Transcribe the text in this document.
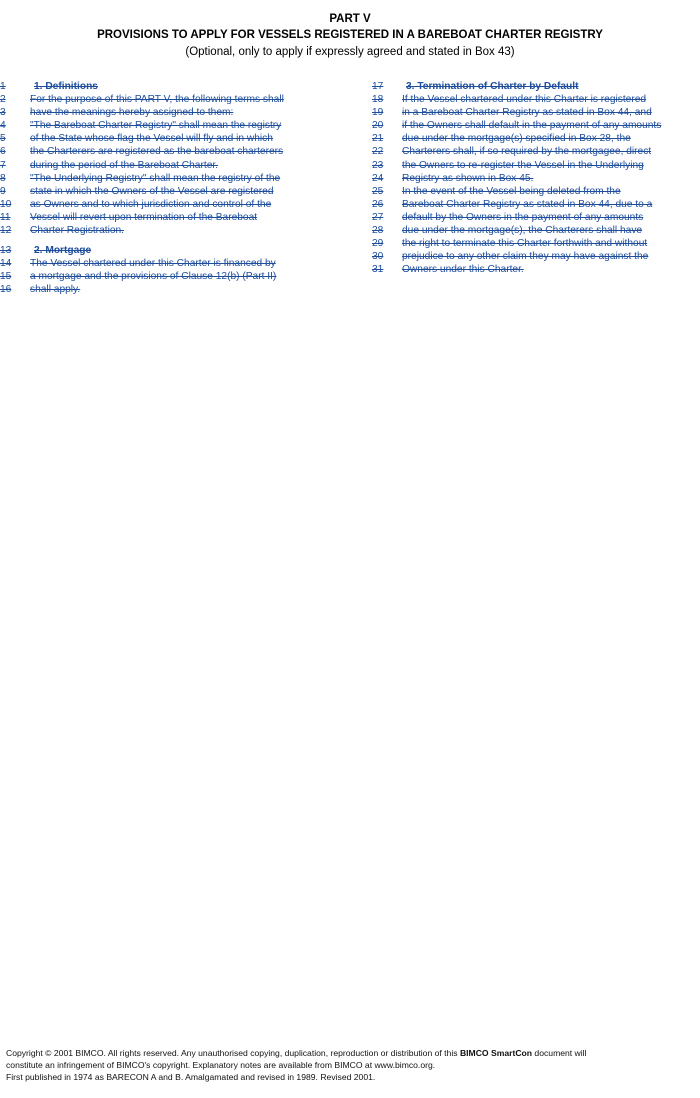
PART V
PROVISIONS TO APPLY FOR VESSELS REGISTERED IN A BAREBOAT CHARTER REGISTRY
(Optional, only to apply if expressly agreed and stated in Box 43)
1	1. Definitions
2	For the purpose of this PART V, the following terms shall
3	have the meanings hereby assigned to them:
4	"The Bareboat Charter Registry" shall mean the registry
5	of the State whose flag the Vessel will fly and in which
6	the Charterers are registered as the bareboat charterers
7	during the period of the Bareboat Charter.
8	"The Underlying Registry" shall mean the registry of the
9	state in which the Owners of the Vessel are registered
10	as Owners and to which jurisdiction and control of the
11	Vessel will revert upon termination of the Bareboat
12	Charter Registration.
13	2. Mortgage
14	The Vessel chartered under this Charter is financed by
15	a mortgage and the provisions of Clause 12(b) (Part II)
16	shall apply.
17	3. Termination of Charter by Default
18	If the Vessel chartered under this Charter is registered
19	in a Bareboat Charter Registry as stated in Box 44, and
20	if the Owners shall default in the payment of any amounts
21	due under the mortgage(s) specified in Box 28, the
22	Charterers shall, if so required by the mortgagee, direct
23	the Owners to re-register the Vessel in the Underlying
24	Registry as shown in Box 45.
25	In the event of the Vessel being deleted from the
26	Bareboat Charter Registry as stated in Box 44, due to a
27	default by the Owners in the payment of any amounts
28	due under the mortgage(s), the Charterers shall have
29	the right to terminate this Charter forthwith and without
30	prejudice to any other claim they may have against the
31	Owners under this Charter.
Copyright © 2001 BIMCO. All rights reserved. Any unauthorised copying, duplication, reproduction or distribution of this BIMCO SmartCon document will
constitute an infringement of BIMCO's copyright. Explanatory notes are available from BIMCO at www.bimco.org.
First published in 1974 as BARECON A and B. Amalgamated and revised in 1989. Revised 2001.
